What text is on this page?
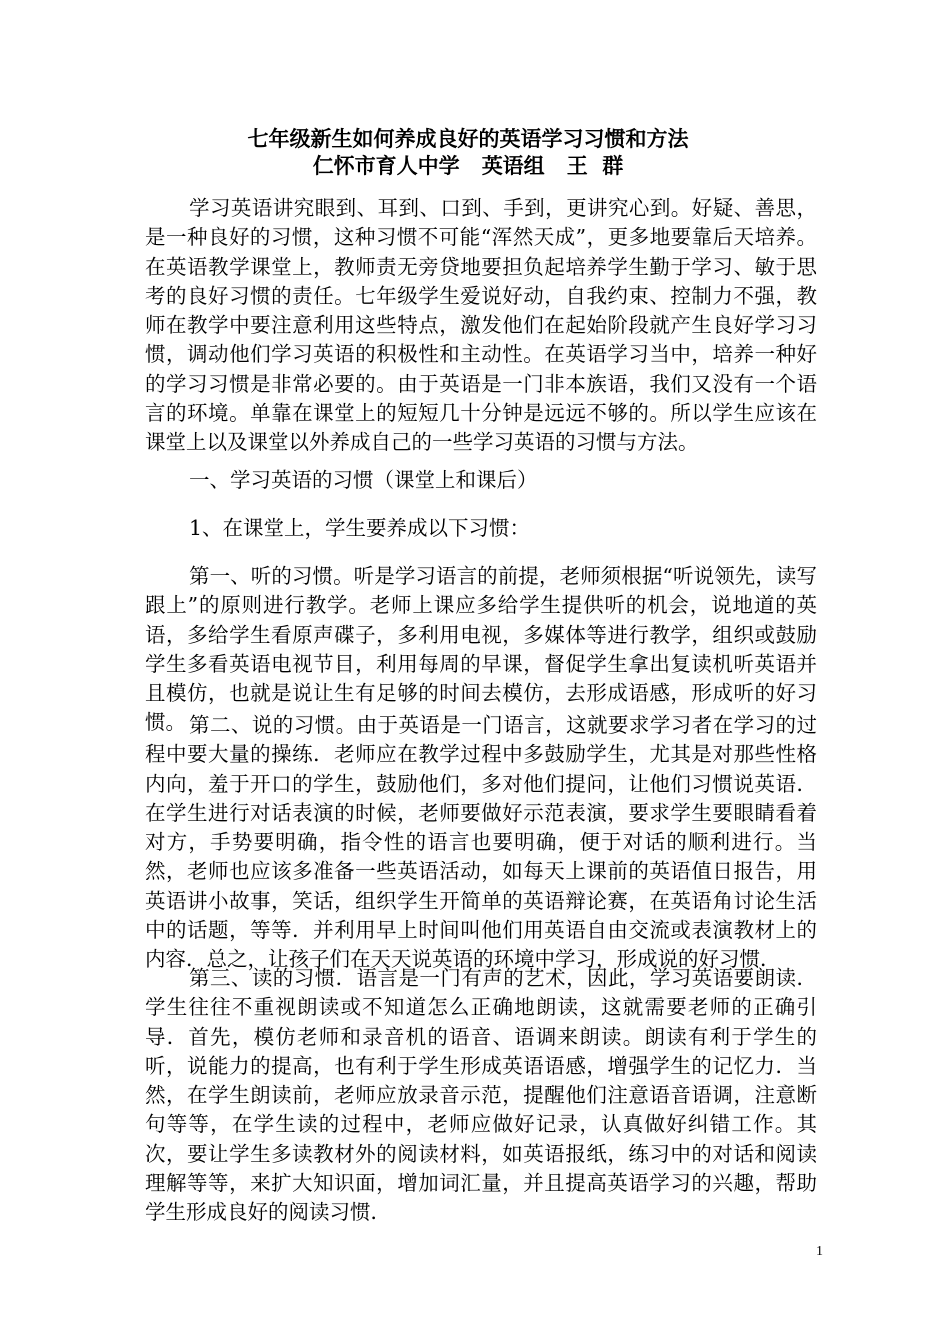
七年级新生如何养成良好的英语学习习惯和方法
仁怀市育人中学 英语组 王  群

学习英语讲究眼到、耳到、口到、手到，更讲究心到。好疑、善思，是一种良好的习惯，这种习惯不可能“浑然天成”，更多地要靠后天培养。在英语教学课堂上，教师责无旁贷地要担负起培养学生勤于学习、敏于思考的良好习惯的责任。七年级学生爱说好动，自我约束、控制力不强，教师在教学中要注意利用这些特点，激发他们在起始阶段就产生良好学习习惯，调动他们学习英语的积极性和主动性。在英语学习当中，培养一种好的学习习惯是非常必要的。由于英语是一门非本族语，我们又没有一个语言的环境。单靠在课堂上的短短几十分钟是远远不够的。所以学生应该在课堂上以及课堂以外养成自己的一些学习英语的习惯与方法。

一、学习英语的习惯（课堂上和课后）

1、在课堂上，学生要养成以下习惯：

第一、听的习惯。听是学习语言的前提，老师须根据“听说领先，读写跟上”的原则进行教学。老师上课应多给学生提供听的机会，说地道的英语，多给学生看原声碟子，多利用电视，多媒体等进行教学，组织或鼓励学生多看英语电视节目，利用每周的早课，督促学生拿出复读机听英语并且模仿，也就是说让生有足够的时间去模仿，去形成语感，形成听的好习惯。 第二、说的习惯。由于英语是一门语言，这就要求学习者在学习的过程中要大量的操练．老师应在教学过程中多鼓励学生，尤其是对那些性格内向，羞于开口的学生，鼓励他们，多对他们提问，让他们习惯说英语．在学生进行对话表演的时候，老师要做好示范表演，要求学生要眼睛看着对方，手势要明确，指令性的语言也要明确，便于对话的顺利进行。当然，老师也应该多准备一些英语活动，如每天上课前的英语值日报告，用英语讲小故事，笑话，组织学生开简单的英语辩论赛，在英语角讨论生活中的话题，等等．并利用早上时间叫他们用英语自由交流或表演教材上的内容．总之，让孩子们在天天说英语的环境中学习，形成说的好习惯．

第三、读的习惯．语言是一门有声的艺术，因此，学习英语要朗读．学生往往不重视朗读或不知道怎么正确地朗读，这就需要老师的正确引导．首先，模仿老师和录音机的语音、语调来朗读。朗读有利于学生的听，说能力的提高，也有利于学生形成英语语感，增强学生的记忆力．当然，在学生朗读前，老师应放录音示范，提醒他们注意语音语调，注意断句等等，在学生读的过程中，老师应做好记录，认真做好纠错工作。其次，要让学生多读教材外的阅读材料，如英语报纸，练习中的对话和阅读理解等等，来扩大知识面，增加词汇量，并且提高英语学习的兴趣，帮助学生形成良好的阅读习惯．

1
